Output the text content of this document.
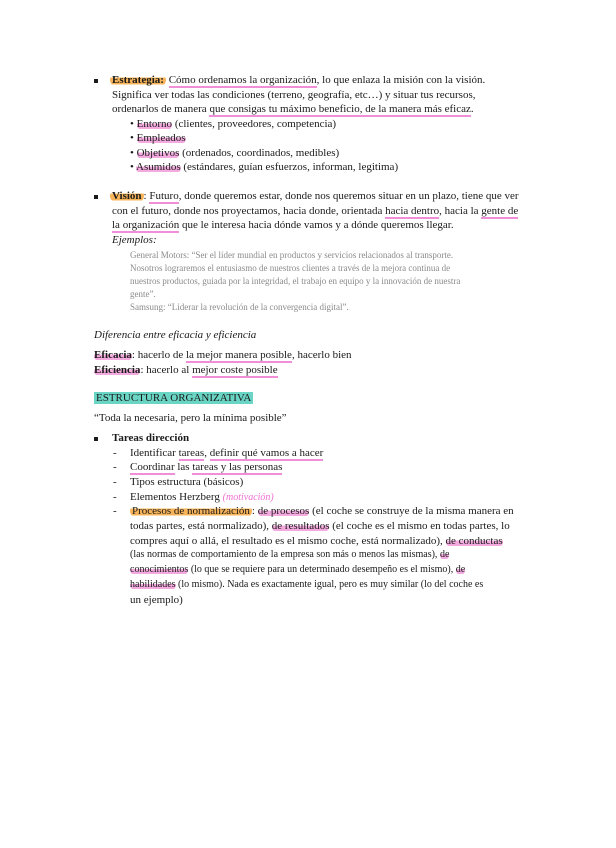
Estrategia: Cómo ordenamos la organización, lo que enlaza la misión con la visión.
Significa ver todas las condiciones (terreno, geografía, etc…) y situar tus recursos,
ordenarlos de manera que consigas tu máximo beneficio, de la manera más eficaz.
• Entorno (clientes, proveedores, competencia)
• Empleados
• Objetivos (ordenados, coordinados, medibles)
• Asumidos (estándares, guían esfuerzos, informan, legitima)
Visión : Futuro, donde queremos estar, donde nos queremos situar en un plazo, tiene que ver
con el futuro, donde nos proyectamos, hacia donde, orientada hacia dentro, hacia la gente de
la organización que le interesa hacia dónde vamos y a dónde queremos llegar.
Ejemplos:
General Motors: “Ser el líder mundial en productos y servicios relacionados al transporte.
Nosotros lograremos el entusiasmo de nuestros clientes a través de la mejora continua de
nuestros productos, guiada por la integridad, el trabajo en equipo y la innovación de nuestra
gente”.
Samsung: “Liderar la revolución de la convergencia digital”.
Diferencia entre eficacia y eficiencia
Eficacia: hacerlo de la mejor manera posible, hacerlo bien
Eficiencia: hacerlo al mejor coste posible
ESTRUCTURA ORGANIZATIVA
“Toda la necesaria, pero la mínima posible”
Tareas dirección
- Identificar tareas, definir qué vamos a hacer
- Coordinar las tareas y las personas
- Tipos estructura (básicos)
- Elementos Herzberg (motivación)
- Procesos de normalización : de procesos (el coche se construye de la misma manera en
todas partes, está normalizado), de resultados (el coche es el mismo en todas partes, lo
compres aquí o allá, el resultado es el mismo coche, está normalizado), de conductas
(las normas de comportamiento de la empresa son más o menos las mismas), de
conocimientos (lo que se requiere para un determinado desempeño es el mismo), de
habilidades (lo mismo). Nada es exactamente igual, pero es muy similar (lo del coche es
un ejemplo)
